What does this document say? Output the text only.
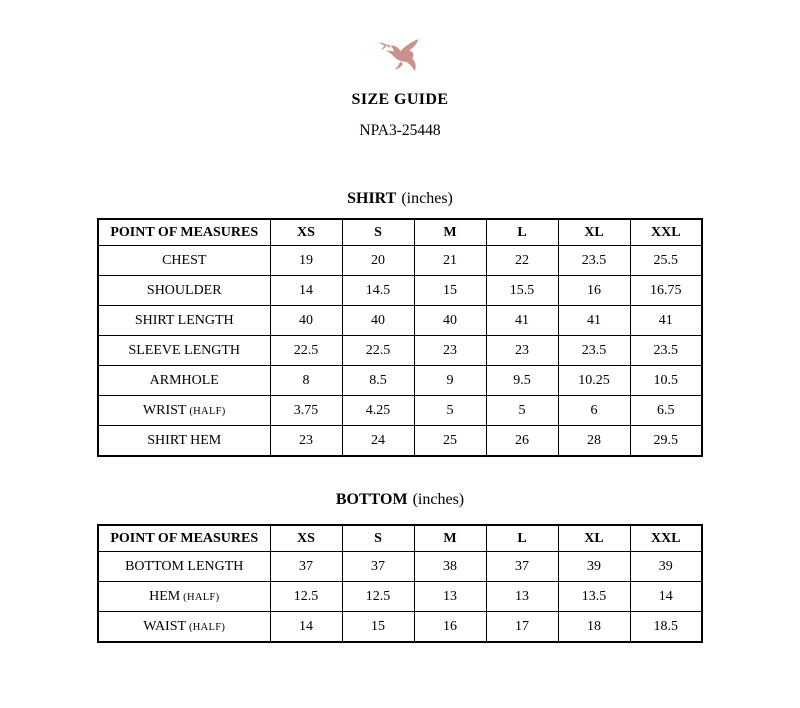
SIZE GUIDE
NPA3-25448
SHIRT (inches)
POINT OF MEASURES	XS	S	M	L	XL	XXL
CHEST	19	20	21	22	23.5	25.5
SHOULDER	14	14.5	15	15.5	16	16.75
SHIRT LENGTH	40	40	40	41	41	41
SLEEVE LENGTH	22.5	22.5	23	23	23.5	23.5
ARMHOLE	8	8.5	9	9.5	10.25	10.5
WRIST (HALF)	3.75	4.25	5	5	6	6.5
SHIRT HEM	23	24	25	26	28	29.5
BOTTOM (inches)
POINT OF MEASURES	XS	S	M	L	XL	XXL
BOTTOM LENGTH	37	37	38	37	39	39
HEM (HALF)	12.5	12.5	13	13	13.5	14
WAIST (HALF)	14	15	16	17	18	18.5
